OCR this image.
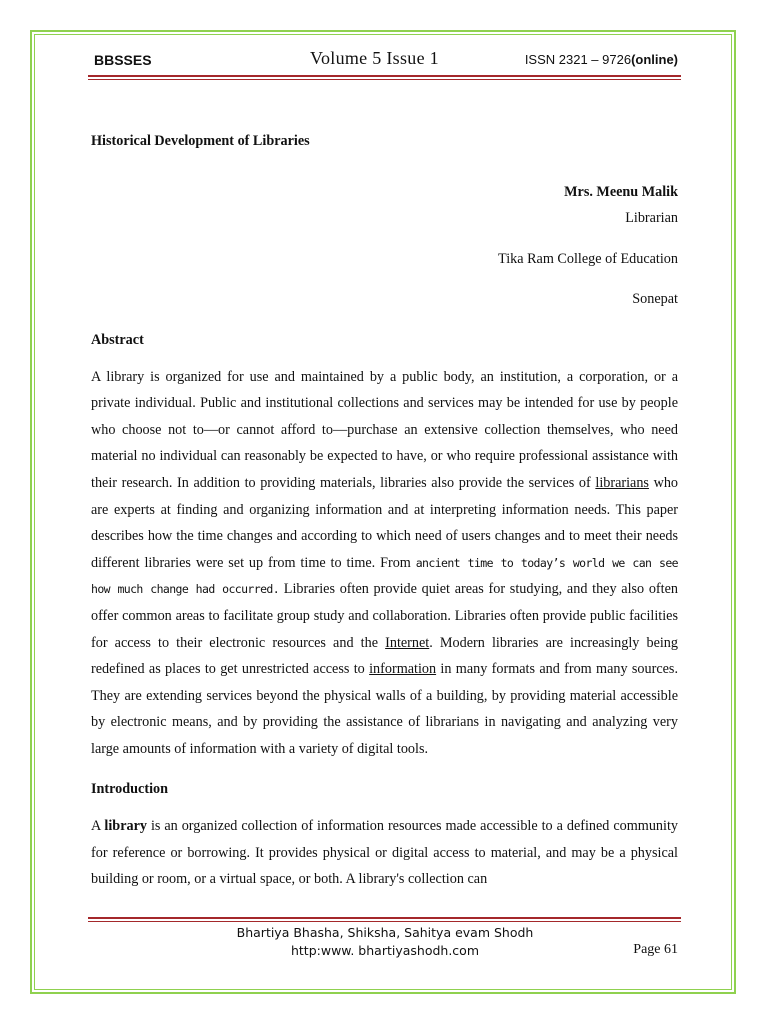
BBSSES	Volume 5 Issue 1	ISSN 2321 – 9726(online)
Historical Development of Libraries
Mrs. Meenu Malik
Librarian
Tika Ram College of Education
Sonepat
Abstract

A library is organized for use and maintained by a public body, an institution, a corporation, or a private individual. Public and institutional collections and services may be intended for use by people who choose not to—or cannot afford to—purchase an extensive collection themselves, who need material no individual can reasonably be expected to have, or who require professional assistance with their research. In addition to providing materials, libraries also provide the services of librarians who are experts at finding and organizing information and at interpreting information needs. This paper describes how the time changes and according to which need of users changes and to meet their needs different libraries were set up from time to time. From ancient time to today’s world we can see how much change had occurred. Libraries often provide quiet areas for studying, and they also often offer common areas to facilitate group study and collaboration. Libraries often provide public facilities for access to their electronic resources and the Internet. Modern libraries are increasingly being redefined as places to get unrestricted access to information in many formats and from many sources. They are extending services beyond the physical walls of a building, by providing material accessible by electronic means, and by providing the assistance of librarians in navigating and analyzing very large amounts of information with a variety of digital tools.

Introduction

A library is an organized collection of information resources made accessible to a defined community for reference or borrowing. It provides physical or digital access to material, and may be a physical building or room, or a virtual space, or both. A library's collection can

Bhartiya Bhasha, Shiksha, Sahitya evam Shodh
http:www. bhartiyashodh.com	Page 61
